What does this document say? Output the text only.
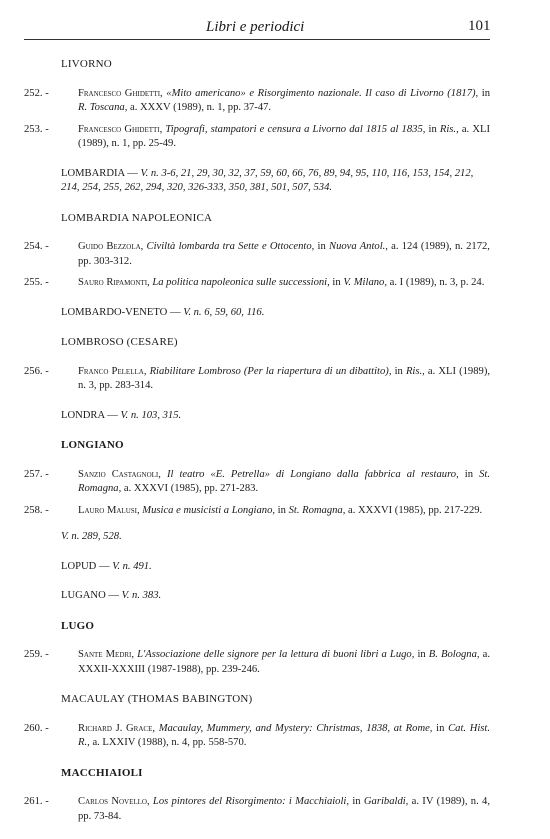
Libri e periodici	101
LIVORNO
252. -	Francesco Ghidetti, «Mito americano» e Risorgimento nazionale. Il caso di Livorno (1817), in R. Toscana, a. XXXV (1989), n. 1, pp. 37-47.
253. -	Francesco Ghidetti, Tipografi, stampatori e censura a Livorno dal 1815 al 1835, in Ris., a. XLI (1989), n. 1, pp. 25-49.
LOMBARDIA — V. n. 3-6, 21, 29, 30, 32, 37, 59, 60, 66, 76, 89, 94, 95, 110, 116, 153, 154, 212, 214, 254, 255, 262, 294, 320, 326-333, 350, 381, 501, 507, 534.
LOMBARDIA NAPOLEONICA
254. -	Guido Bezzola, Civiltà lombarda tra Sette e Ottocento, in Nuova Antol., a. 124 (1989), n. 2172, pp. 303-312.
255. -	Sauro Ripamonti, La politica napoleonica sulle successioni, in V. Milano, a. I (1989), n. 3, p. 24.
LOMBARDO-VENETO — V. n. 6, 59, 60, 116.
LOMBROSO (CESARE)
256. -	Franco Pelella, Riabilitare Lombroso (Per la riapertura di un dibattito), in Ris., a. XLI (1989), n. 3, pp. 283-314.
LONDRA — V. n. 103, 315.
LONGIANO
257. -	Sanzio Castagnoli, Il teatro «E. Petrella» di Longiano dalla fabbrica al restauro, in St. Romagna, a. XXXVI (1985), pp. 271-283.
258. -	Lauro Malusi, Musica e musicisti a Longiano, in St. Romagna, a. XXXVI (1985), pp. 217-229.
V. n. 289, 528.
LOPUD — V. n. 491.
LUGANO — V. n. 383.
LUGO
259. -	Sante Medri, L'Associazione delle signore per la lettura di buoni libri a Lugo, in B. Bologna, a. XXXII-XXXIII (1987-1988), pp. 239-246.
MACAULAY (THOMAS BABINGTON)
260. -	Richard J. Grace, Macaulay, Mummery, and Mystery: Christmas, 1838, at Rome, in Cat. Hist. R., a. LXXIV (1988), n. 4, pp. 558-570.
MACCHIAIOLI
261. -	Carlos Novello, Los pintores del Risorgimento: i Macchiaioli, in Garibaldi, a. IV (1989), n. 4, pp. 73-84.
